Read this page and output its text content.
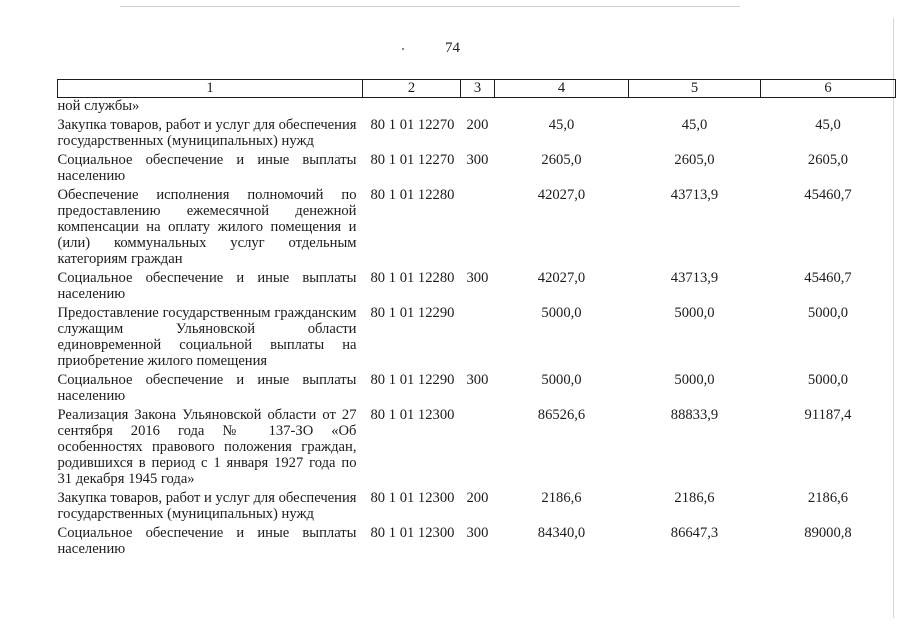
74
1	2	3	4	5	6
ной службы»					
Закупка товаров, работ и услуг для обеспечения государственных (муниципальных) нужд	80 1 01 12270	200	45,0	45,0	45,0
Социальное обеспечение и иные выплаты населению	80 1 01 12270	300	2605,0	2605,0	2605,0
Обеспечение исполнения полномочий по предоставлению ежемесячной денежной компенсации на оплату жилого помещения и (или) коммунальных услуг отдельным категориям граждан	80 1 01 12280		42027,0	43713,9	45460,7
Социальное обеспечение и иные выплаты населению	80 1 01 12280	300	42027,0	43713,9	45460,7
Предоставление государственным гражданским служащим Ульяновской области единовременной социальной выплаты на приобретение жилого помещения	80 1 01 12290		5000,0	5000,0	5000,0
Социальное обеспечение и иные выплаты населению	80 1 01 12290	300	5000,0	5000,0	5000,0
Реализация Закона Ульяновской области от 27 сентября 2016 года № 137-ЗО «Об особенностях правового положения граждан, родившихся в период с 1 января 1927 года по 31 декабря 1945 года»	80 1 01 12300		86526,6	88833,9	91187,4
Закупка товаров, работ и услуг для обеспечения государственных (муниципальных) нужд	80 1 01 12300	200	2186,6	2186,6	2186,6
Социальное обеспечение и иные выплаты населению	80 1 01 12300	300	84340,0	86647,3	89000,8
